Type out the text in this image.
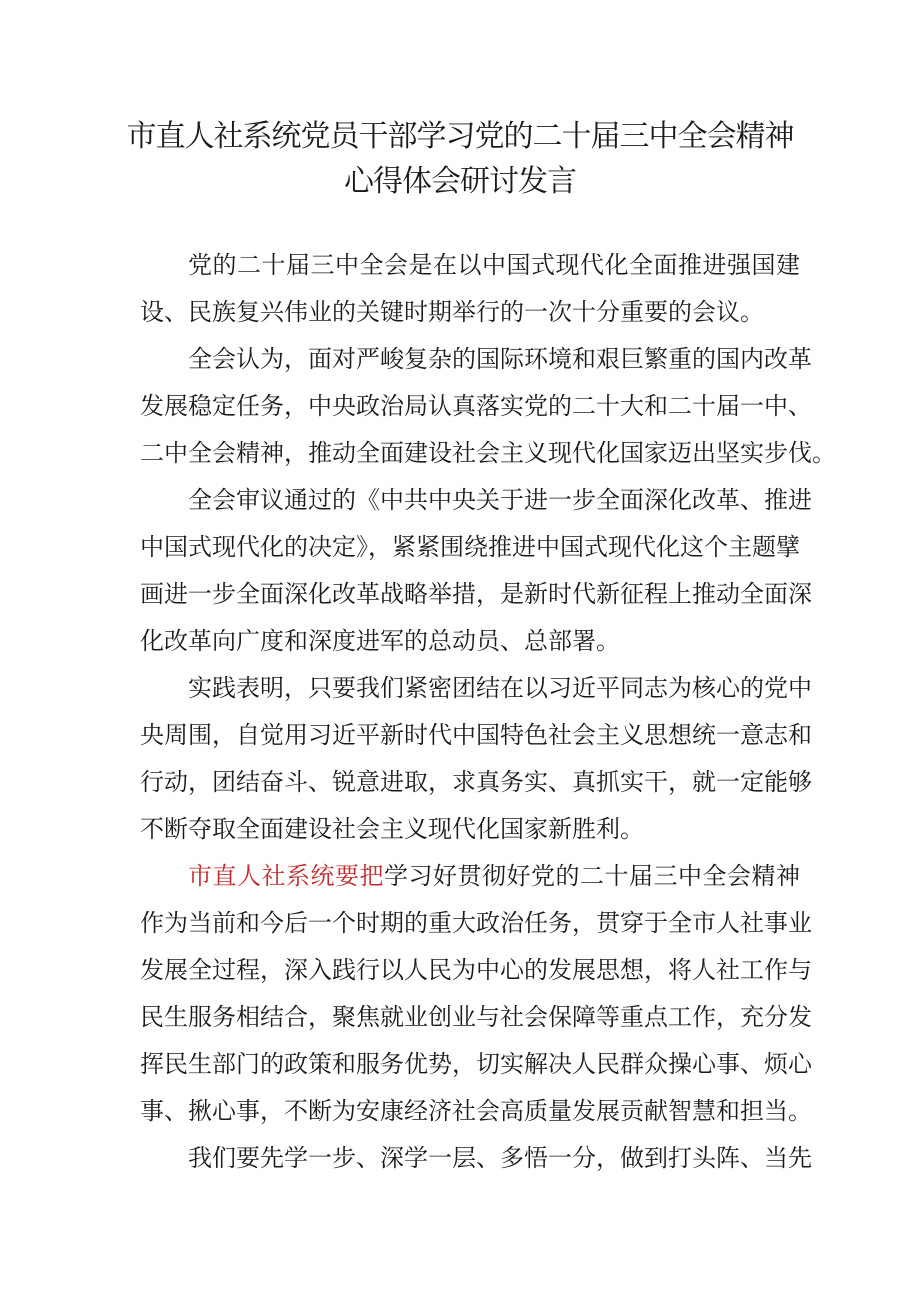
市直人社系统党员干部学习党的二十届三中全会精神
心得体会研讨发言
党的二十届三中全会是在以中国式现代化全面推进强国建
设、民族复兴伟业的关键时期举行的一次十分重要的会议。
全会认为，面对严峻复杂的国际环境和艰巨繁重的国内改革
发展稳定任务，中央政治局认真落实党的二十大和二十届一中、
二中全会精神，推动全面建设社会主义现代化国家迈出坚实步伐。
全会审议通过的《中共中央关于进一步全面深化改革、推进
中国式现代化的决定》，紧紧围绕推进中国式现代化这个主题擘
画进一步全面深化改革战略举措，是新时代新征程上推动全面深
化改革向广度和深度进军的总动员、总部署。
实践表明，只要我们紧密团结在以习近平同志为核心的党中
央周围，自觉用习近平新时代中国特色社会主义思想统一意志和
行动，团结奋斗、锐意进取，求真务实、真抓实干，就一定能够
不断夺取全面建设社会主义现代化国家新胜利。
市直人社系统要把学习好贯彻好党的二十届三中全会精神
作为当前和今后一个时期的重大政治任务，贯穿于全市人社事业
发展全过程，深入践行以人民为中心的发展思想，将人社工作与
民生服务相结合，聚焦就业创业与社会保障等重点工作，充分发
挥民生部门的政策和服务优势，切实解决人民群众操心事、烦心
事、揪心事，不断为安康经济社会高质量发展贡献智慧和担当。
我们要先学一步、深学一层、多悟一分，做到打头阵、当先
